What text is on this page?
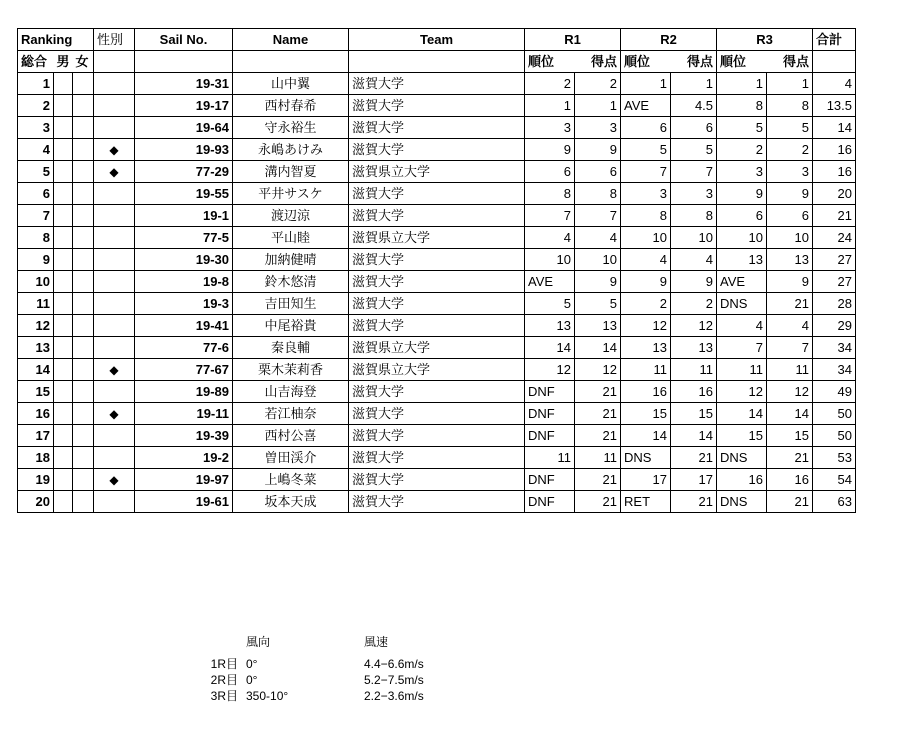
Ranking			性別	Sail No.	Name	Team	R1		R2		R3		合計
総合	男	女					順位	得点	順位	得点	順位	得点	
1				19-31	山中翼	滋賀大学	2	2	1	1	1	1	4
2				19-17	西村春希	滋賀大学	1	1	AVE	4.5	8	8	13.5
3				19-64	守永裕生	滋賀大学	3	3	6	6	5	5	14
4			◆	19-93	永嶋あけみ	滋賀大学	9	9	5	5	2	2	16
5			◆	77-29	溝内智夏	滋賀県立大学	6	6	7	7	3	3	16
6				19-55	平井サスケ	滋賀大学	8	8	3	3	9	9	20
7				19-1	渡辺涼	滋賀大学	7	7	8	8	6	6	21
8				77-5	平山睦	滋賀県立大学	4	4	10	10	10	10	24
9				19-30	加納健晴	滋賀大学	10	10	4	4	13	13	27
10				19-8	鈴木悠清	滋賀大学	AVE	9	9	9	AVE	9	27
11				19-3	吉田知生	滋賀大学	5	5	2	2	DNS	21	28
12				19-41	中尾裕貴	滋賀大学	13	13	12	12	4	4	29
13				77-6	秦良輔	滋賀県立大学	14	14	13	13	7	7	34
14			◆	77-67	栗木茉莉香	滋賀県立大学	12	12	11	11	11	11	34
15				19-89	山吉海登	滋賀大学	DNF	21	16	16	12	12	49
16			◆	19-11	若江柚奈	滋賀大学	DNF	21	15	15	14	14	50
17				19-39	西村公喜	滋賀大学	DNF	21	14	14	15	15	50
18				19-2	曽田渓介	滋賀大学	11	11	DNS	21	DNS	21	53
19			◆	19-97	上嶋冬菜	滋賀大学	DNF	21	17	17	16	16	54
20				19-61	坂本天成	滋賀大学	DNF	21	RET	21	DNS	21	63
風向	風速
1R目 0°	4.4−6.6m/s
2R目 0°	5.2−7.5m/s
3R目 350-10°	2.2−3.6m/s
